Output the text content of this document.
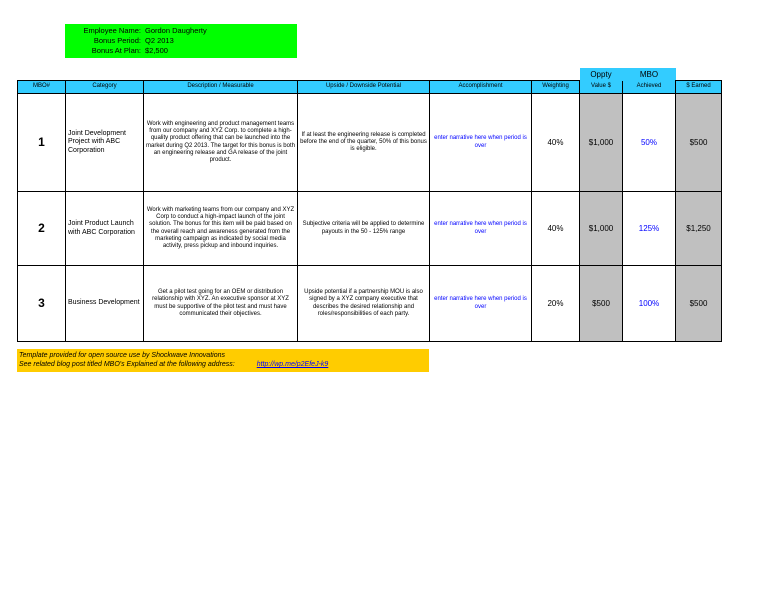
Employee Name: Gordon Daugherty
Bonus Period: Q2 2013
Bonus At Plan: $2,500
						Oppty	MBO	
MBO#	Category	Description / Measurable	Upside / Downside Potential	Accomplishment	Weighting	Value $	Achieved	$ Earned
1	Joint Development Project with ABC Corporation	Work with engineering and product management teams from our company and XYZ Corp. to complete a high-quality product offering that can be launched into the market during Q2 2013. The target for this bonus is both an engineering release and GA release of the joint product.	If at least the engineering release is completed before the end of the quarter, 50% of this bonus is eligible.	enter narrative here when period is over	40%	$1,000	50%	$500
2	Joint Product Launch with ABC Corporation	Work with marketing teams from our company and XYZ Corp to conduct a high-impact launch of the joint solution. The bonus for this item will be paid based on the overall reach and awareness generated from the marketing campaign as indicated by social media activity, press pickup and inbound inquiries.	Subjective criteria will be applied to determine payouts in the 50 - 125% range	enter narrative here when period is over	40%	$1,000	125%	$1,250
3	Business Development	Get a pilot test going for an OEM or distribution relationship with XYZ. An executive sponsor at XYZ must be supportive of the pilot test and must have communicated their objectives.	Upside potential if a partnership MOU is also signed by a XYZ company executive that describes the desired relationship and roles/responsibilities of each party.	enter narrative here when period is over	20%	$500	100%	$500
Template provided for open source use by Shockwave Innovations
See related blog post titled MBO's Explained at the following address:	http://wp.me/p2EfeJ-k9
